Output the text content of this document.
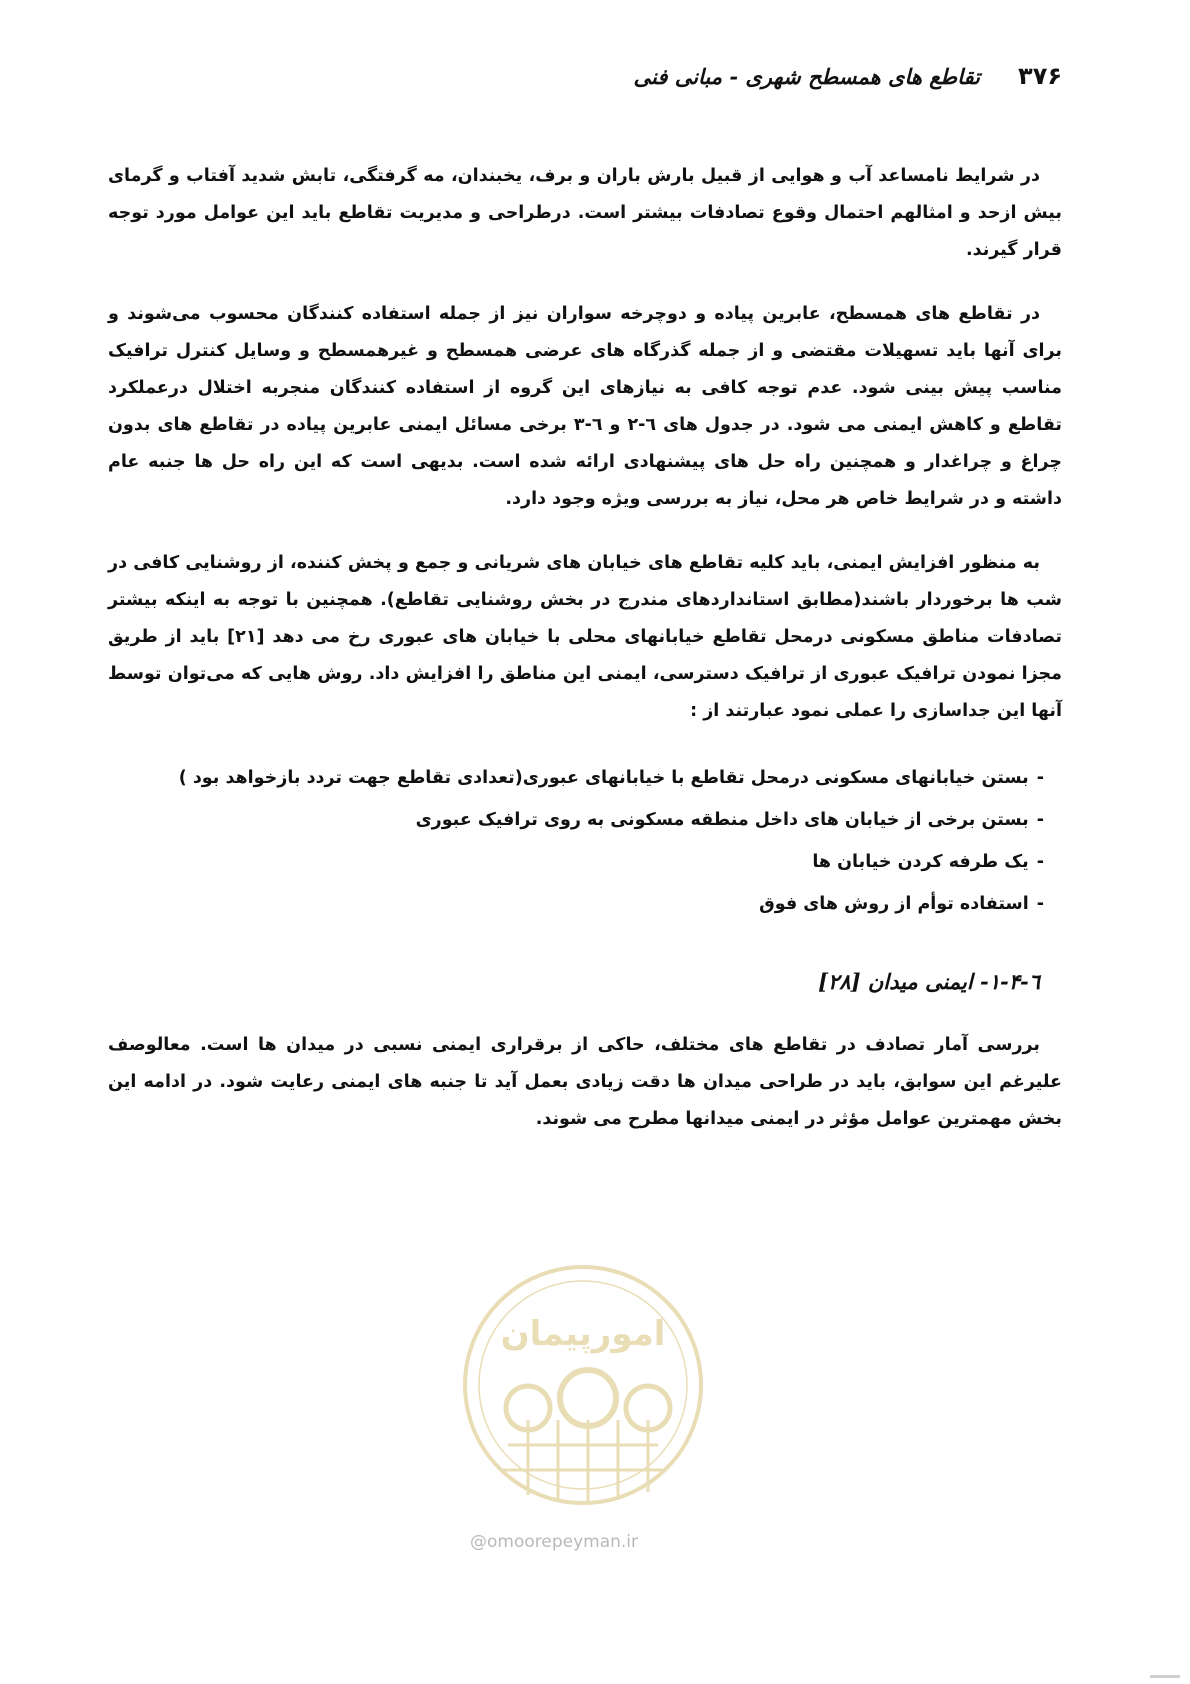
۳۷۶
تقاطع های همسطح شهری - مبانی فنی

در شرایط نامساعد آب و هوایی از قبیل بارش باران و برف، یخبندان، مه گرفتگی، تابش شدید آفتاب و گرمای بیش ازحد و امثالهم احتمال وقوع تصادفات بیشتر است. درطراحی و مدیریت تقاطع باید این عوامل مورد توجه قرار گیرند.

در تقاطع های همسطح، عابرین پیاده و دوچرخه سواران نیز از جمله استفاده کنندگان محسوب می‌شوند و برای آنها باید تسهیلات مقتضی و از جمله گذرگاه های عرضی همسطح و غیرهمسطح و وسایل کنترل ترافیک مناسب پیش بینی شود. عدم توجه کافی به نیازهای این گروه از استفاده کنندگان منجربه اختلال درعملکرد تقاطع و کاهش ایمنی می شود. در جدول های ٦-۲ و ٦-۳ برخی مسائل ایمنی عابرین پیاده در تقاطع های بدون چراغ و چراغدار و همچنین راه حل های پیشنهادی ارائه شده است. بدیهی است که این راه حل ها جنبه عام داشته و در شرایط خاص هر محل، نیاز به بررسی ویژه وجود دارد.

به منظور افزایش ایمنی، باید کلیه تقاطع های خیابان های شریانی و جمع و پخش کننده، از روشنایی کافی در شب ها برخوردار باشند(مطابق استانداردهای مندرج در بخش روشنایی تقاطع). همچنین با توجه به اینکه بیشتر تصادفات مناطق مسکونی درمحل تقاطع خیابانهای محلی با خیابان های عبوری رخ می دهد [۲۱] باید از طریق مجزا نمودن ترافیک عبوری از ترافیک دسترسی، ایمنی این مناطق را افزایش داد. روش هایی که می‌توان توسط آنها این جداسازی را عملی نمود عبارتند از :

-بستن خیابانهای مسکونی درمحل تقاطع با خیابانهای عبوری(تعدادی تقاطع جهت تردد بازخواهد بود )
-بستن برخی از خیابان های داخل منطقه مسکونی به روی ترافیک عبوری
-یک طرفه کردن خیابان ها
-استفاده توأم از روش های فوق

٦-۱-۴- ایمنی میدان [۲۸]

بررسی آمار تصادف در تقاطع های مختلف، حاکی از برقراری ایمنی نسبی در میدان ها است. معالوصف علیرغم این سوابق، باید در طراحی میدان ها دقت زیادی بعمل آید تا جنبه های ایمنی رعایت شود. در ادامه این بخش مهمترین عوامل مؤثر در ایمنی میدانها مطرح می شوند.

امورپیمان
@omoorepeyman.ir
